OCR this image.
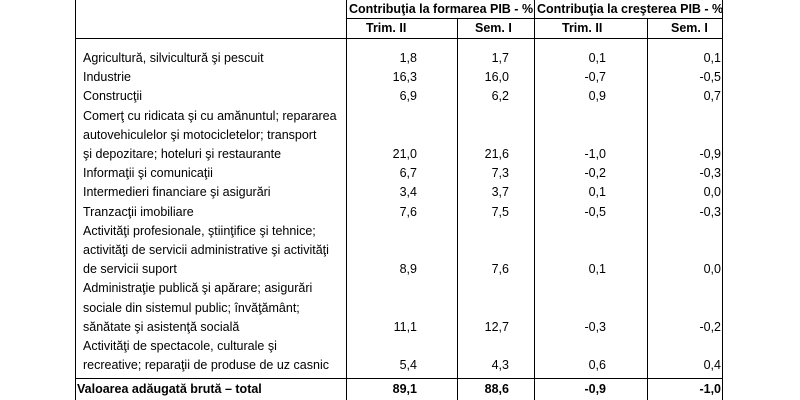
Contribuţia la formarea PIB - % Contribuţia la creşterea PIB - %
Trim. II	Sem. I	Trim. II	Sem. I
Agricultură, silvicultură şi pescuit	1,8	1,7	0,1	0,1
Industrie	16,3	16,0	-0,7	-0,5
Construcţii	6,9	6,2	0,9	0,7
Comerţ cu ridicata şi cu amănuntul; repararea
autovehiculelor şi motocicletelor; transport
şi depozitare; hoteluri şi restaurante	21,0	21,6	-1,0	-0,9
Informaţii şi comunicaţii	6,7	7,3	-0,2	-0,3
Intermedieri financiare şi asigurări	3,4	3,7	0,1	0,0
Tranzacţii imobiliare	7,6	7,5	-0,5	-0,3
Activităţi profesionale, ştiinţifice şi tehnice;
activităţi de servicii administrative şi activităţi
de servicii suport	8,9	7,6	0,1	0,0
Administraţie publică şi apărare; asigurări
sociale din sistemul public; învăţământ;
sănătate şi asistenţă socială	11,1	12,7	-0,3	-0,2
Activităţi de spectacole, culturale şi
recreative; reparaţii de produse de uz casnic	5,4	4,3	0,6	0,4
Valoarea adăugată brută – total	89,1	88,6	-0,9	-1,0
